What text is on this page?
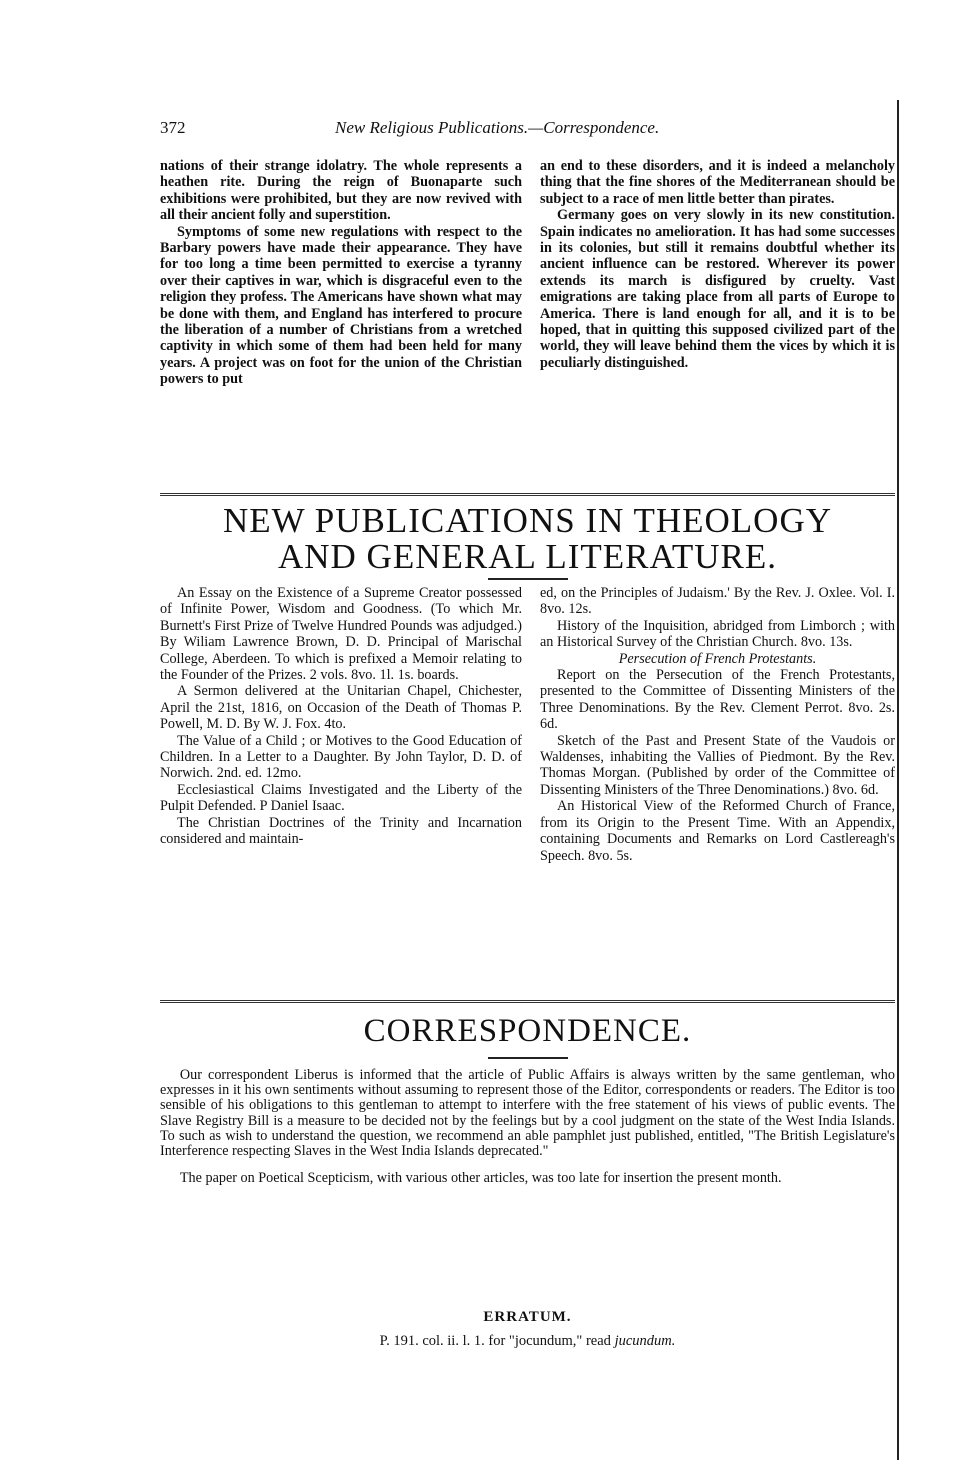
372	New Religious Publications.—Correspondence.

nations of their strange idolatry. The whole represents a heathen rite. During the reign of Buonaparte such exhibitions were prohibited, but they are now revived with all their ancient folly and superstition.

Symptoms of some new regulations with respect to the Barbary powers have made their appearance. They have for too long a time been permitted to exercise a tyranny over their captives in war, which is disgraceful even to the religion they profess. The Americans have shown what may be done with them, and England has interfered to procure the liberation of a number of Christians from a wretched captivity in which some of them had been held for many years. A project was on foot for the union of the Christian powers to put

an end to these disorders, and it is indeed a melancholy thing that the fine shores of the Mediterranean should be subject to a race of men little better than pirates.

Germany goes on very slowly in its new constitution. Spain indicates no amelioration. It has had some successes in its colonies, but still it remains doubtful whether its ancient influence can be restored. Wherever its power extends its march is disfigured by cruelty. Vast emigrations are taking place from all parts of Europe to America. There is land enough for all, and it is to be hoped, that in quitting this supposed civilized part of the world, they will leave behind them the vices by which it is peculiarly distinguished.

NEW PUBLICATIONS IN THEOLOGY
AND GENERAL LITERATURE.

An Essay on the Existence of a Supreme Creator possessed of Infinite Power, Wisdom and Goodness. (To which Mr. Burnett's First Prize of Twelve Hundred Pounds was adjudged.) By Wiliam Lawrence Brown, D. D. Principal of Marischal College, Aberdeen. To which is prefixed a Memoir relating to the Founder of the Prizes. 2 vols. 8vo. 1l. 1s. boards.

A Sermon delivered at the Unitarian Chapel, Chichester, April the 21st, 1816, on Occasion of the Death of Thomas P. Powell, M. D. By W. J. Fox. 4to.

The Value of a Child ; or Motives to the Good Education of Children. In a Letter to a Daughter. By John Taylor, D. D. of Norwich. 2nd. ed. 12mo.

Ecclesiastical Claims Investigated and the Liberty of the Pulpit Defended. P Daniel Isaac.

The Christian Doctrines of the Trinity and Incarnation considered and maintain-

ed, on the Principles of Judaism.' By the Rev. J. Oxlee. Vol. I. 8vo. 12s.

History of the Inquisition, abridged from Limborch ; with an Historical Survey of the Christian Church. 8vo. 13s.

Persecution of French Protestants.

Report on the Persecution of the French Protestants, presented to the Committee of Dissenting Ministers of the Three Denominations. By the Rev. Clement Perrot. 8vo. 2s. 6d.

Sketch of the Past and Present State of the Vaudois or Waldenses, inhabiting the Vallies of Piedmont. By the Rev. Thomas Morgan. (Published by order of the Committee of Dissenting Ministers of the Three Denominations.) 8vo. 6d.

An Historical View of the Reformed Church of France, from its Origin to the Present Time. With an Appendix, containing Documents and Remarks on Lord Castlereagh's Speech. 8vo. 5s.

CORRESPONDENCE.

Our correspondent Liberus is informed that the article of Public Affairs is always written by the same gentleman, who expresses in it his own sentiments without assuming to represent those of the Editor, correspondents or readers. The Editor is too sensible of his obligations to this gentleman to attempt to interfere with the free statement of his views of public events. The Slave Registry Bill is a measure to be decided not by the feelings but by a cool judgment on the state of the West India Islands. To such as wish to understand the question, we recommend an able pamphlet just published, entitled, "The British Legislature's Interference respecting Slaves in the West India Islands deprecated."

The paper on Poetical Scepticism, with various other articles, was too late for insertion the present month.

ERRATUM.
P. 191. col. ii. l. 1. for "jocundum," read jucundum.
